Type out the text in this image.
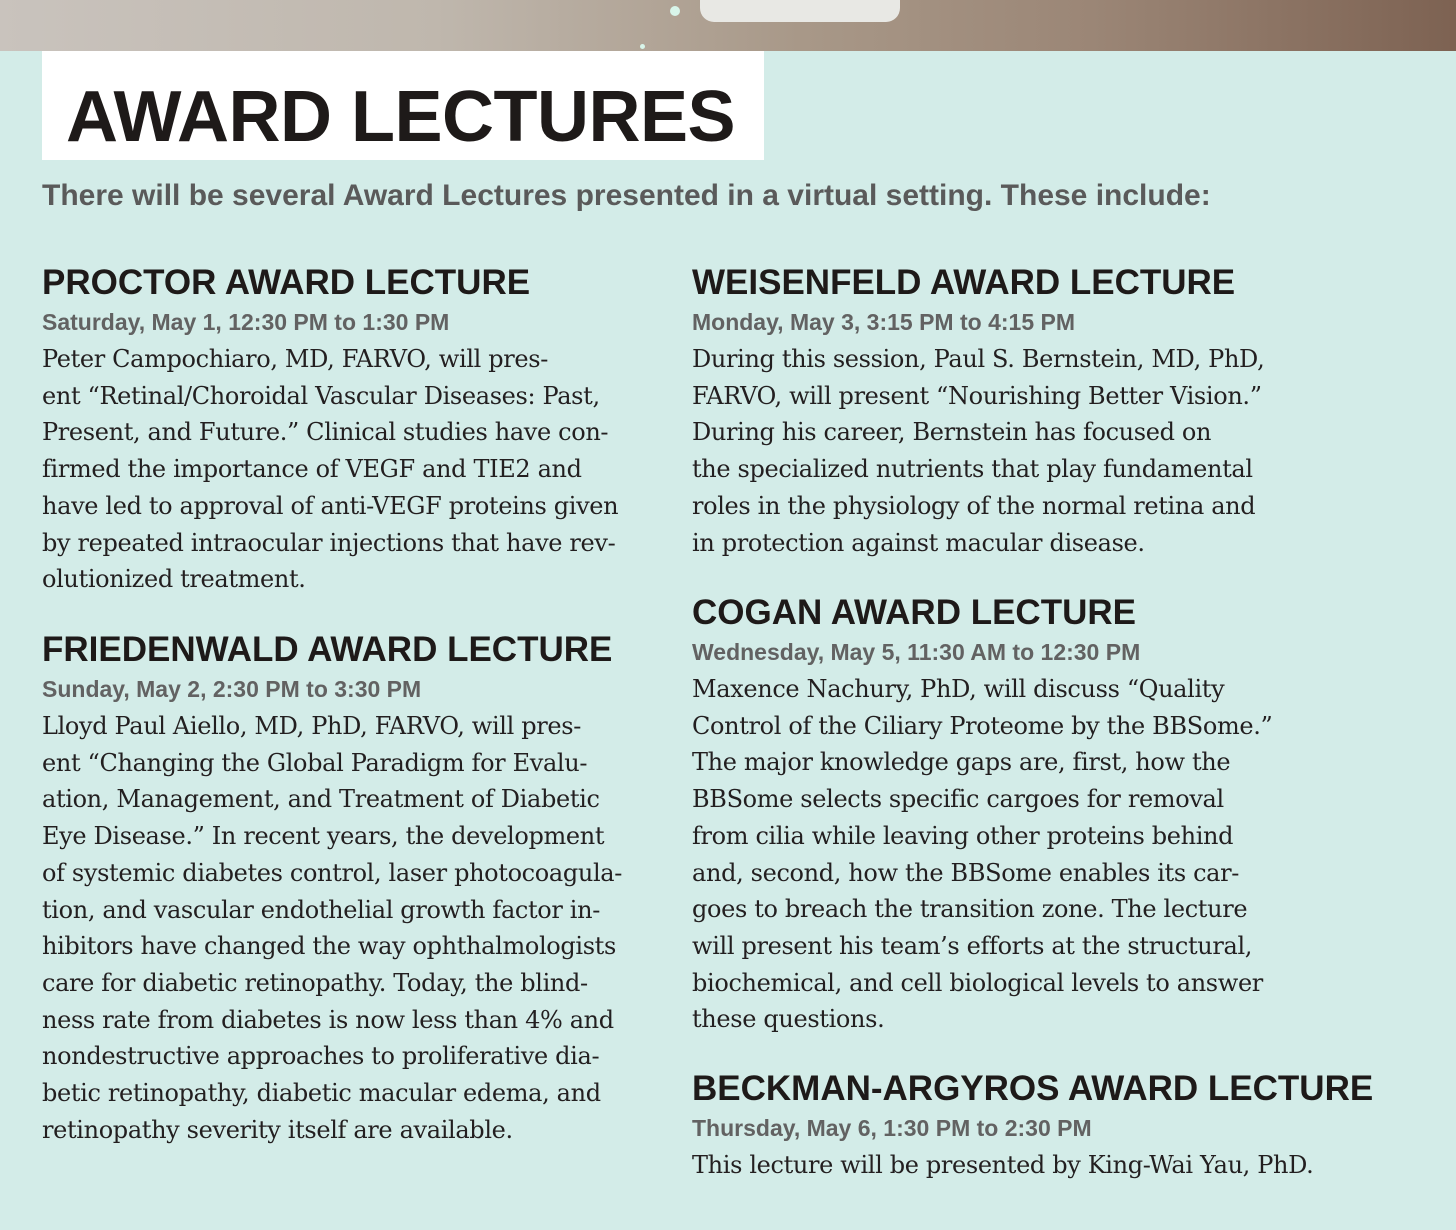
AWARD LECTURES

There will be several Award Lectures presented in a virtual setting. These include:

PROCTOR AWARD LECTURE

Saturday, May 1, 12:30 PM to 1:30 PM

Peter Campochiaro, MD, FARVO, will pres-
ent “Retinal/Choroidal Vascular Diseases: Past,
Present, and Future.” Clinical studies have con-
firmed the importance of VEGF and TIE2 and
have led to approval of anti-VEGF proteins given
by repeated intraocular injections that have rev-
olutionized treatment.

FRIEDENWALD AWARD LECTURE

Sunday, May 2, 2:30 PM to 3:30 PM

Lloyd Paul Aiello, MD, PhD, FARVO, will pres-
ent “Changing the Global Paradigm for Evalu-
ation, Management, and Treatment of Diabetic
Eye Disease.” In recent years, the development
of systemic diabetes control, laser photocoagula-
tion, and vascular endothelial growth factor in-
hibitors have changed the way ophthalmologists
care for diabetic retinopathy. Today, the blind-
ness rate from diabetes is now less than 4% and
nondestructive approaches to proliferative dia-
betic retinopathy, diabetic macular edema, and
retinopathy severity itself are available.

WEISENFELD AWARD LECTURE

Monday, May 3, 3:15 PM to 4:15 PM

During this session, Paul S. Bernstein, MD, PhD,
FARVO, will present “Nourishing Better Vision.”
During his career, Bernstein has focused on
the specialized nutrients that play fundamental
roles in the physiology of the normal retina and
in protection against macular disease.

COGAN AWARD LECTURE

Wednesday, May 5, 11:30 AM to 12:30 PM

Maxence Nachury, PhD, will discuss “Quality
Control of the Ciliary Proteome by the BBSome.”
The major knowledge gaps are, first, how the
BBSome selects specific cargoes for removal
from cilia while leaving other proteins behind
and, second, how the BBSome enables its car-
goes to breach the transition zone. The lecture
will present his team’s efforts at the structural,
biochemical, and cell biological levels to answer
these questions.

BECKMAN-ARGYROS AWARD LECTURE

Thursday, May 6, 1:30 PM to 2:30 PM

This lecture will be presented by King-Wai Yau, PhD.
